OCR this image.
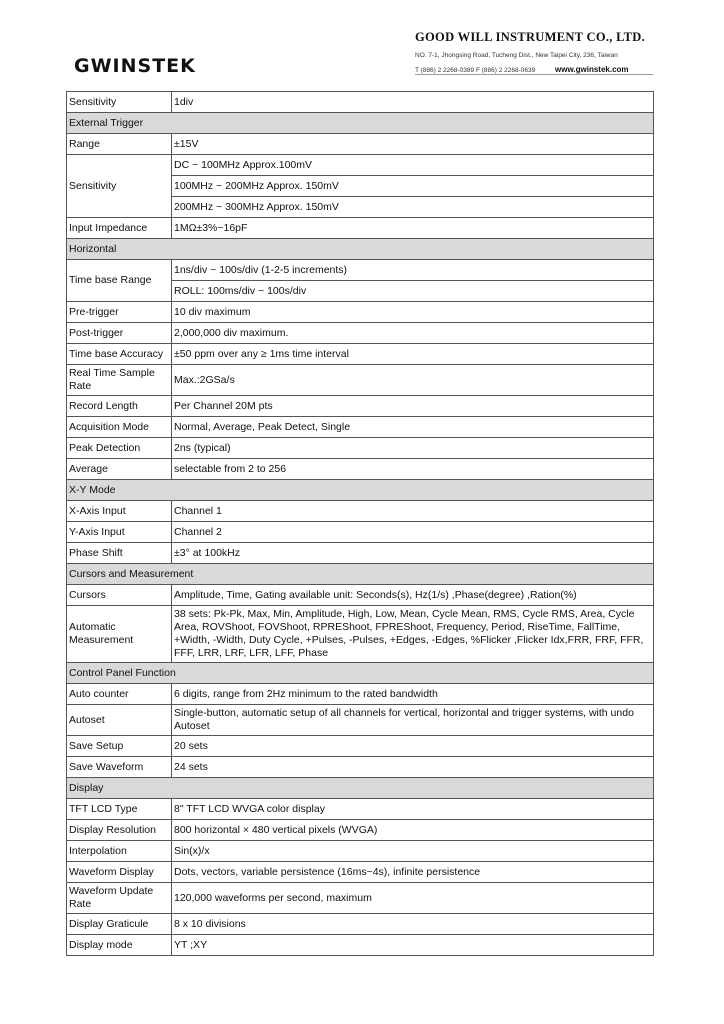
GWINSTEK
GOOD WILL INSTRUMENT CO., LTD.
NO. 7-1, Jhongsing Road, Tucheng Dist., New Taipei City, 236, Taiwan
T (886) 2 2268-0389 F (886) 2 2268-0639 www.gwinstek.com
Sensitivity	1div
External Trigger	
Range	±15V
Sensitivity	DC ~ 100MHz Approx.100mV
	100MHz ~ 200MHz Approx. 150mV
	200MHz ~ 300MHz Approx. 150mV
Input Impedance	1MΩ±3%~16pF
Horizontal	
Time base Range	1ns/div ~ 100s/div (1-2-5 increments)
	ROLL: 100ms/div ~ 100s/div
Pre-trigger	10 div maximum
Post-trigger	2,000,000 div maximum.
Time base Accuracy	±50 ppm over any ≥ 1ms time interval
Real Time Sample Rate	Max.:2GSa/s
Record Length	Per Channel 20M pts
Acquisition Mode	Normal, Average, Peak Detect, Single
Peak Detection	2ns (typical)
Average	selectable from 2 to 256
X-Y Mode	
X-Axis Input	Channel 1
Y-Axis Input	Channel 2
Phase Shift	±3° at 100kHz
Cursors and Measurement	
Cursors	Amplitude, Time, Gating available unit: Seconds(s), Hz(1/s) ,Phase(degree) ,Ration(%)
Automatic Measurement	38 sets: Pk-Pk, Max, Min, Amplitude, High, Low, Mean, Cycle Mean, RMS, Cycle RMS, Area, Cycle Area, ROVShoot, FOVShoot, RPREShoot, FPREShoot, Frequency, Period, RiseTime, FallTime, +Width, -Width, Duty Cycle, +Pulses, -Pulses, +Edges, -Edges, %Flicker ,Flicker Idx,FRR, FRF, FFR, FFF, LRR, LRF, LFR, LFF, Phase
Control Panel Function	
Auto counter	6 digits, range from 2Hz minimum to the rated bandwidth
Autoset	Single-button, automatic setup of all channels for vertical, horizontal and trigger systems, with undo Autoset
Save Setup	20 sets
Save Waveform	24 sets
Display	
TFT LCD Type	8" TFT LCD WVGA color display
Display Resolution	800 horizontal × 480 vertical pixels (WVGA)
Interpolation	Sin(x)/x
Waveform Display	Dots, vectors, variable persistence (16ms~4s), infinite persistence
Waveform Update Rate	120,000 waveforms per second, maximum
Display Graticule	8 x 10 divisions
Display mode	YT ;XY
